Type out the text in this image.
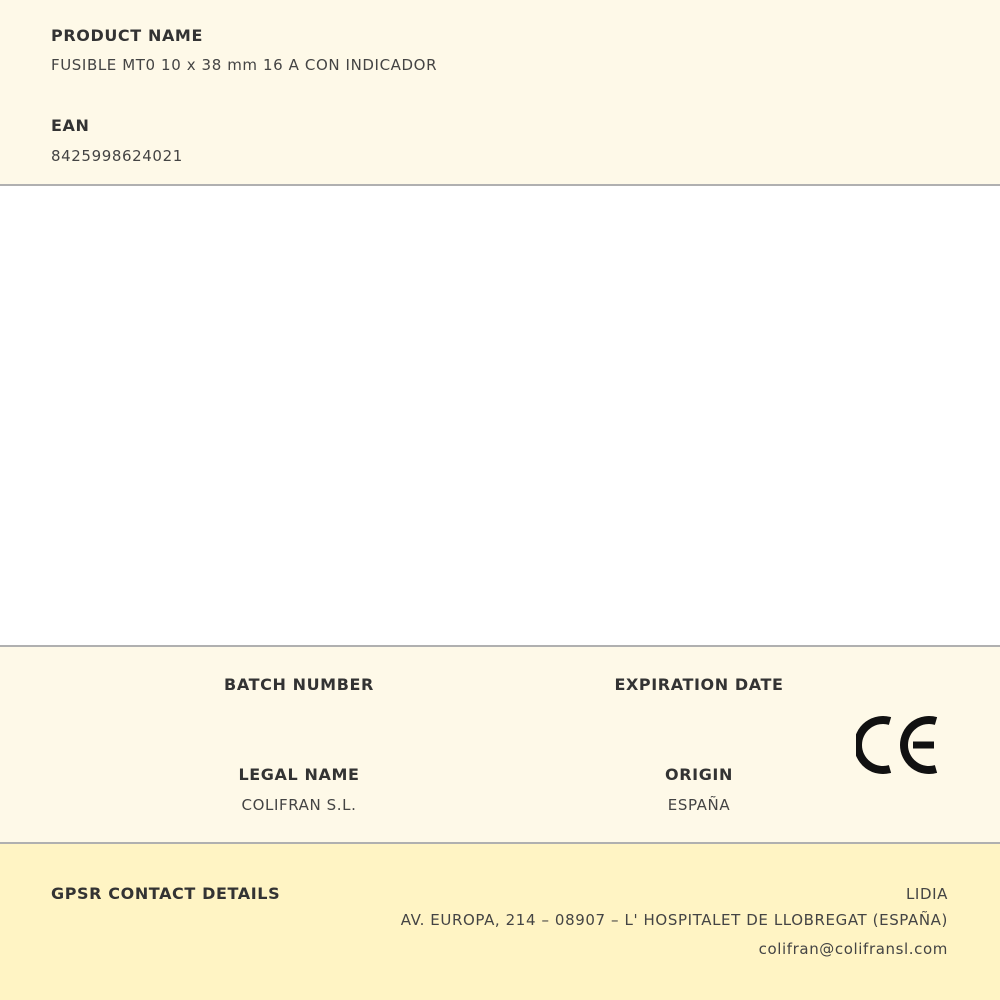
PRODUCT NAME
FUSIBLE MT0 10 x 38 mm 16 A CON INDICADOR
EAN
8425998624021
BATCH NUMBER	EXPIRATION DATE
LEGAL NAME
COLIFRAN S.L.
ORIGIN
ESPAÑA
GPSR CONTACT DETAILS	LIDIA
AV. EUROPA, 214 – 08907 – L' HOSPITALET DE LLOBREGAT (ESPAÑA)
colifran@colifransl.com
